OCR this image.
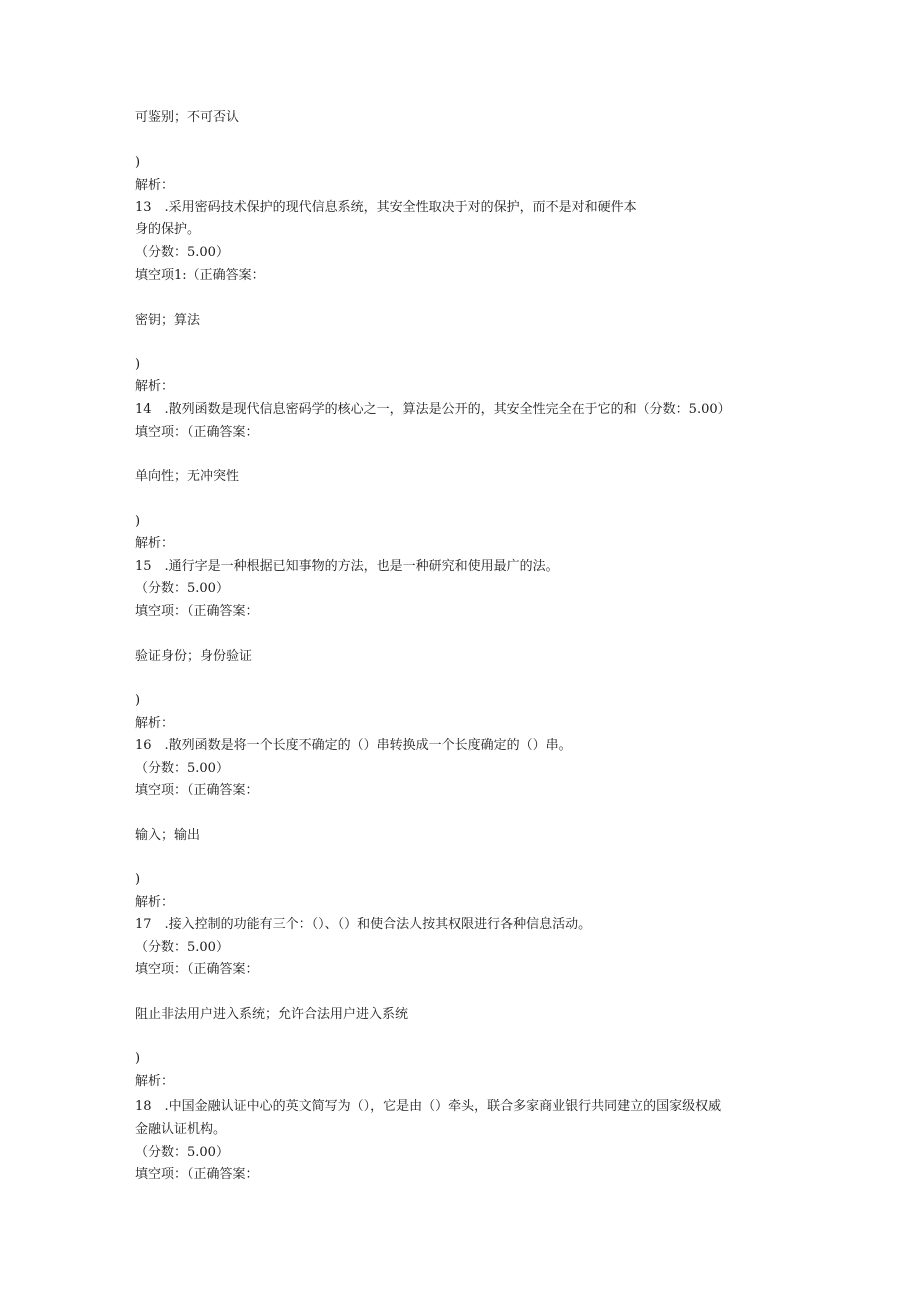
可鉴别；不可否认
)
解析：
13　.采用密码技术保护的现代信息系统，其安全性取决于对的保护，而不是对和硬件本
身的保护。
（分数：5.00）
填空项1:（正确答案：
密钥；算法
)
解析：
14　.散列函数是现代信息密码学的核心之一，算法是公开的，其安全性完全在于它的和（分数：5.00）
填空项：（正确答案：
单向性；无冲突性
)
解析：
15　.通行字是一种根据已知事物的方法，也是一种研究和使用最广的法。
（分数：5.00）
填空项：（正确答案：
验证身份；身份验证
)
解析：
16　.散列函数是将一个长度不确定的（）串转换成一个长度确定的（）串。
（分数：5.00）
填空项：（正确答案：
输入；输出
)
解析：
17　.接入控制的功能有三个：（）、（）和使合法人按其权限进行各种信息活动。
（分数：5.00）
填空项：（正确答案：
阻止非法用户进入系统；允许合法用户进入系统
)
解析：
18　.中国金融认证中心的英文简写为（），它是由（）牵头，联合多家商业银行共同建立的国家级权威
金融认证机构。
（分数：5.00）
填空项：（正确答案：
